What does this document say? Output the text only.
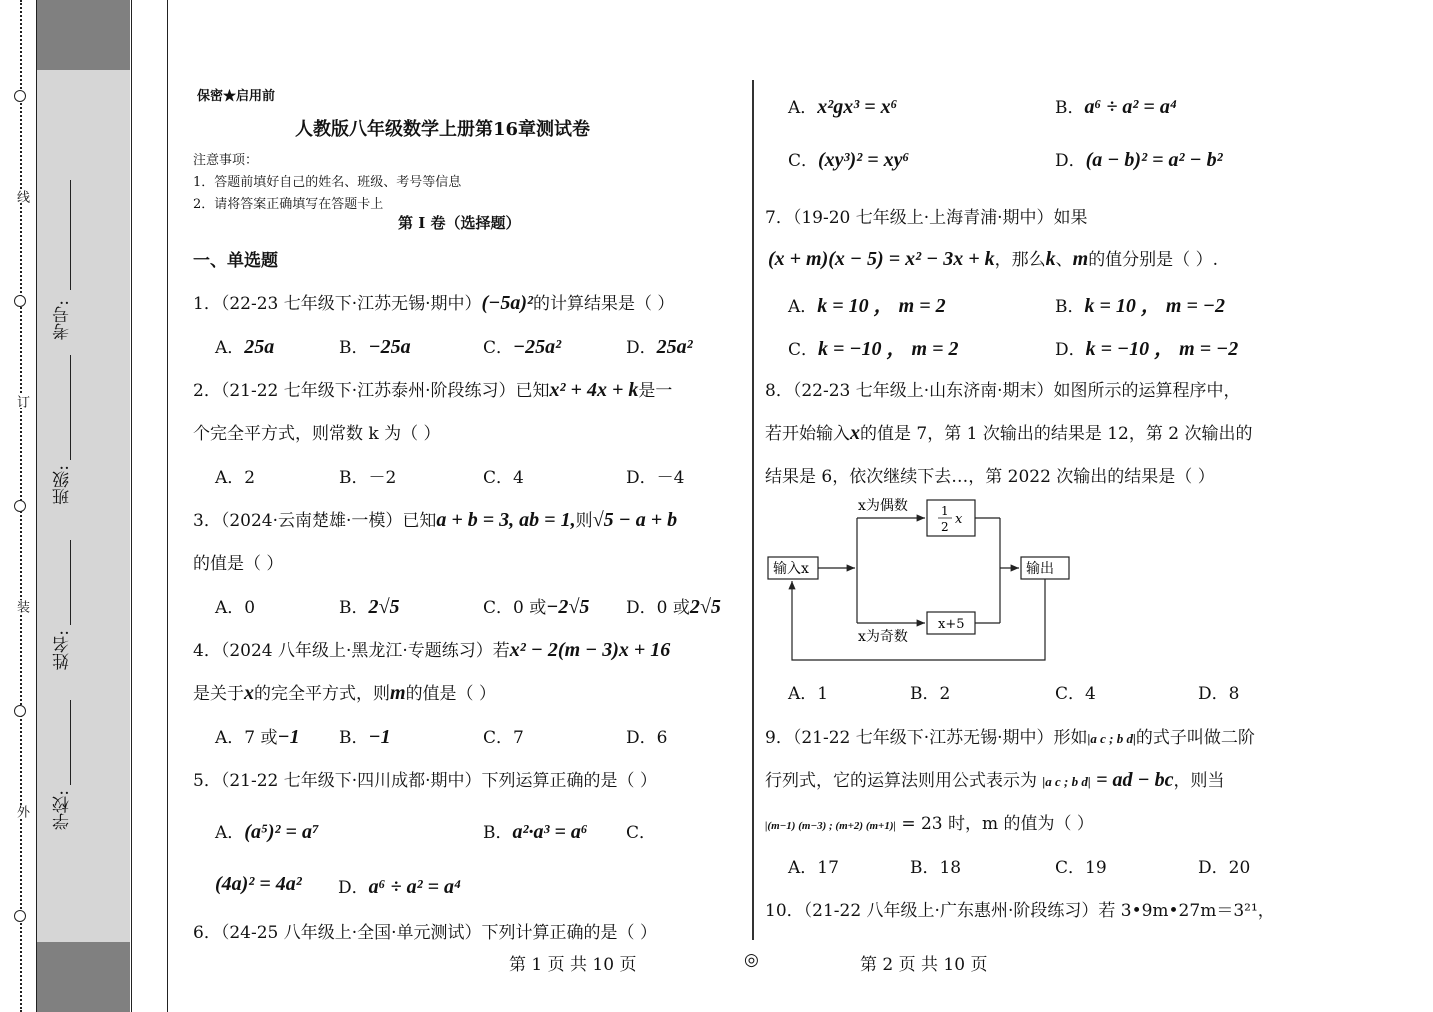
线
订
装
外
考号:
班级:
姓名:
学校:
保密★启用前
人教版八年级数学上册第16章测试卷
注意事项：
1．答题前填好自己的姓名、班级、考号等信息
2．请将答案正确填写在答题卡上
第 I 卷（选择题）
一、单选题
1．（22-23 七年级下·江苏无锡·期中）(−5a)²的计算结果是（ ）
A．25a	B．−25a	C．−25a²	D．25a²
2．（21-22 七年级下·江苏泰州·阶段练习）已知x² + 4x + k是一
个完全平方式，则常数 k 为（ ）
A．2	B．－2	C．4	D．－4
3．（2024·云南楚雄·一模）已知a + b = 3, ab = 1,则√5 − a + b
的值是（ ）
A．0	B．2√5	C．0 或−2√5 D．0 或2√5
4．（2024 八年级上·黑龙江·专题练习）若x² − 2(m − 3)x + 16
是关于x的完全平方式，则m的值是（ ）
A．7 或−1 B．−1	C．7	D．6
5．（21-22 七年级下·四川成都·期中）下列运算正确的是（ ）
A．(a⁵)² = a⁷	B．a²·a³ = a⁶ C．
(4a)² = 4a² D．a⁶ ÷ a² = a⁴
6．（24-25 八年级上·全国·单元测试）下列计算正确的是（ ）
A．x²gx³ = x⁶	B．a⁶ ÷ a² = a⁴
C．(xy³)² = xy⁶	D．(a − b)² = a² − b²
7．（19-20 七年级上·上海青浦·期中）如果
(x + m)(x − 5) = x² − 3x + k，那么k、m的值分别是（ ）.
A．k = 10 ， m = 2	B．k = 10 ， m = −2
C．k = −10 ， m = 2	D．k = −10 ， m = −2
8．（22-23 七年级上·山东济南·期末）如图所示的运算程序中，
若开始输入x的值是 7，第 1 次输出的结果是 12，第 2 次输出的
结果是 6，依次继续下去…，第 2022 次输出的结果是（ ）
输入x	输出
x为偶数
x为奇数
1
2 x
x+5
A．1	B．2	C．4	D．8
9．（21-22 七年级下·江苏无锡·期中）形如|a c ; b d|的式子叫做二阶
行列式，它的运算法则用公式表示为 |a c ; b d| = ad − bc，则当
|(m−1) (m−3) ; (m+2) (m+1)| = 23 时，m 的值为（ ）
A．17	B．18	C．19	D．20
10．（21-22 八年级上·广东惠州·阶段练习）若 3•9m•27m＝3²¹，
第 1 页 共 10 页	◎	第 2 页 共 10 页
